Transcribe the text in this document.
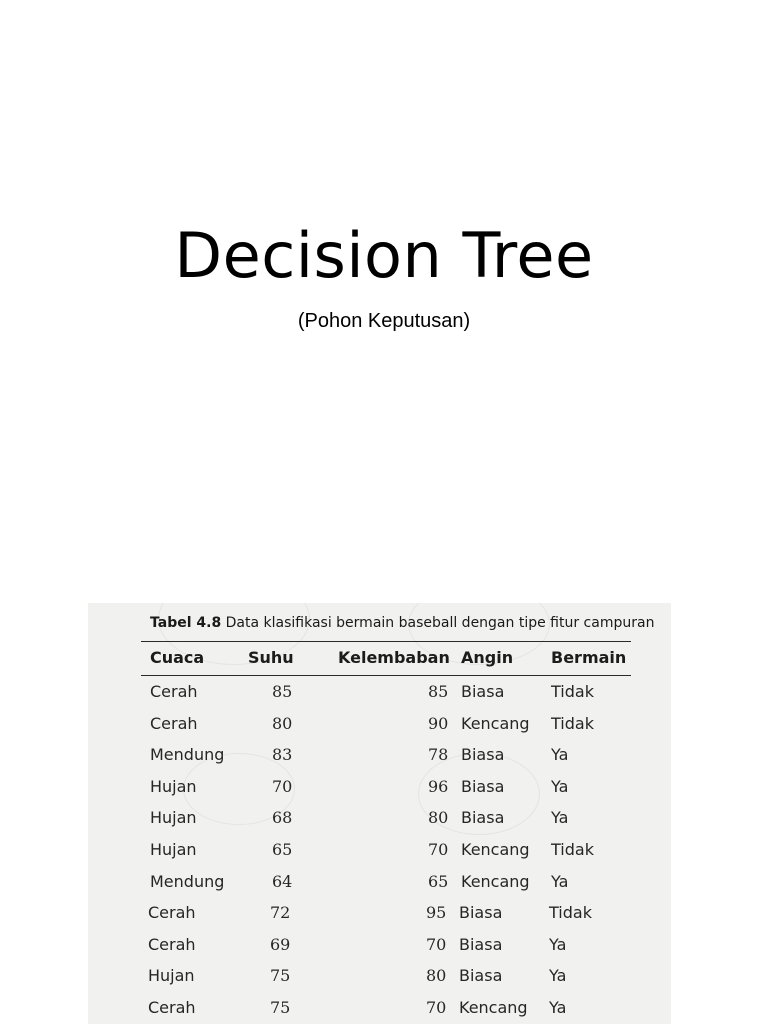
Decision Tree
(Pohon Keputusan)
Tabel 4.8 Data klasifikasi bermain baseball dengan tipe fitur campuran
Cuaca	Suhu	Kelembaban Angin Bermain
Cerah	85	85 Biasa	Tidak
Cerah	80	90 Kencang Tidak
Mendung	83	78 Biasa	Ya
Hujan	70	96 Biasa	Ya
Hujan	68	80 Biasa	Ya
Hujan	65	70 Kencang Tidak
Mendung	64	65 Kencang Ya
Cerah	72	95 Biasa	Tidak
Cerah	69	70 Biasa	Ya
Hujan	75	80 Biasa	Ya
Cerah	75	70 Kencang Ya
